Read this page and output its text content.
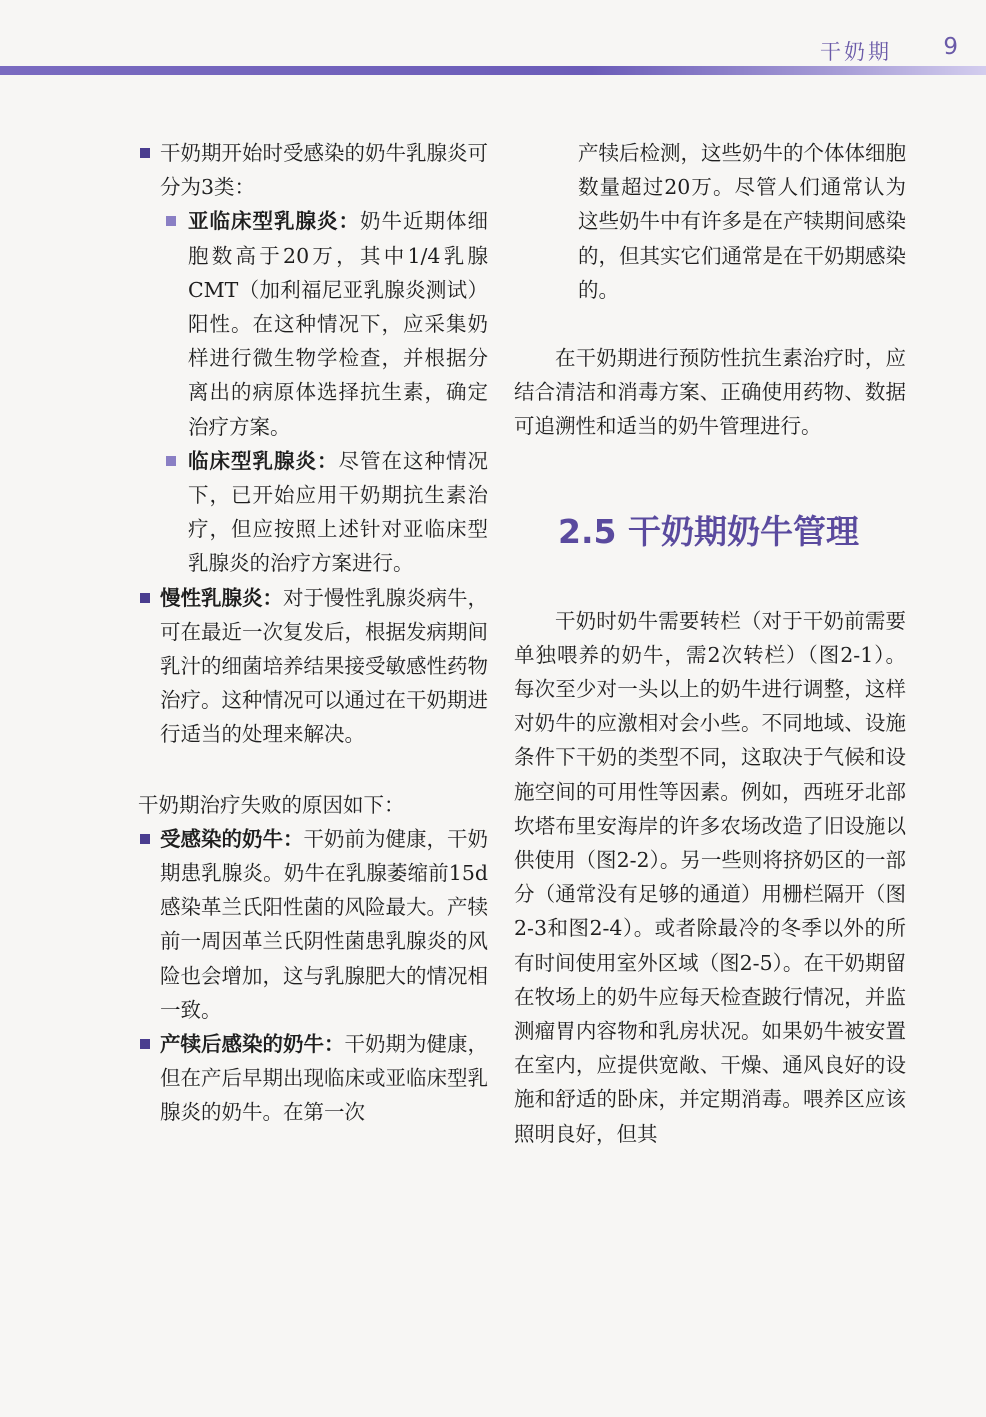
干奶期 9

干奶期开始时受感染的奶牛乳腺炎可分为3类：

亚临床型乳腺炎：奶牛近期体细胞数高于20万，其中1/4乳腺CMT（加利福尼亚乳腺炎测试）阳性。在这种情况下，应采集奶样进行微生物学检查，并根据分离出的病原体选择抗生素，确定治疗方案。

临床型乳腺炎：尽管在这种情况下，已开始应用干奶期抗生素治疗，但应按照上述针对亚临床型乳腺炎的治疗方案进行。

慢性乳腺炎：对于慢性乳腺炎病牛，可在最近一次复发后，根据发病期间乳汁的细菌培养结果接受敏感性药物治疗。这种情况可以通过在干奶期进行适当的处理来解决。

干奶期治疗失败的原因如下：

受感染的奶牛：干奶前为健康，干奶期患乳腺炎。奶牛在乳腺萎缩前15d感染革兰氏阳性菌的风险最大。产犊前一周因革兰氏阴性菌患乳腺炎的风险也会增加，这与乳腺肥大的情况相一致。

产犊后感染的奶牛：干奶期为健康，但在产后早期出现临床或亚临床型乳腺炎的奶牛。在第一次

产犊后检测，这些奶牛的个体体细胞数量超过20万。尽管人们通常认为这些奶牛中有许多是在产犊期间感染的，但其实它们通常是在干奶期感染的。

在干奶期进行预防性抗生素治疗时，应结合清洁和消毒方案、正确使用药物、数据可追溯性和适当的奶牛管理进行。

2.5 干奶期奶牛管理

干奶时奶牛需要转栏（对于干奶前需要单独喂养的奶牛，需2次转栏）（图2-1）。每次至少对一头以上的奶牛进行调整，这样对奶牛的应激相对会小些。不同地域、设施条件下干奶的类型不同，这取决于气候和设施空间的可用性等因素。例如，西班牙北部坎塔布里安海岸的许多农场改造了旧设施以供使用（图2-2）。另一些则将挤奶区的一部分（通常没有足够的通道）用栅栏隔开（图2-3和图2-4）。或者除最冷的冬季以外的所有时间使用室外区域（图2-5）。在干奶期留在牧场上的奶牛应每天检查跛行情况，并监测瘤胃内容物和乳房状况。如果奶牛被安置在室内，应提供宽敞、干燥、通风良好的设施和舒适的卧床，并定期消毒。喂养区应该照明良好，但其
